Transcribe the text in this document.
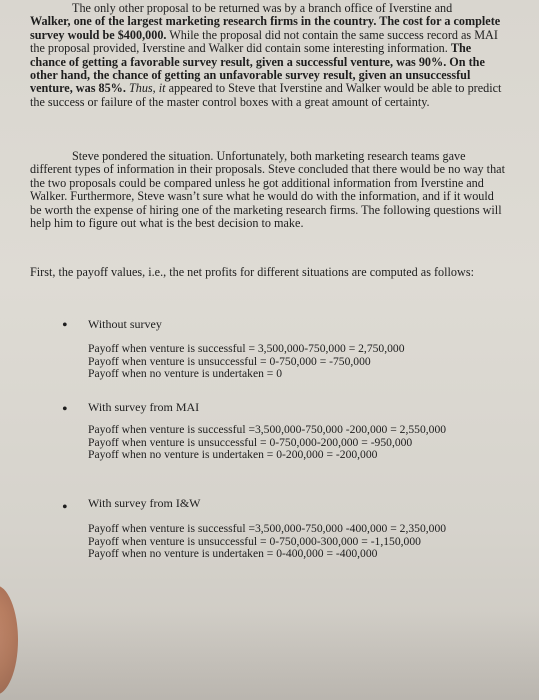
The only other proposal to be returned was by a branch office of Iverstine and

Walker, one of the largest marketing research firms in the country. The cost for a complete survey would be $400,000. While the proposal did not contain the same success record as MAI the proposal provided, Iverstine and Walker did contain some interesting information. The chance of getting a favorable survey result, given a successful venture, was 90%. On the other hand, the chance of getting an unfavorable survey result, given an unsuccessful venture, was 85%. Thus, it appeared to Steve that Iverstine and Walker would be able to predict the success or failure of the master control boxes with a great amount of certainty.

Steve pondered the situation. Unfortunately, both marketing research teams gave different types of information in their proposals. Steve concluded that there would be no way that the two proposals could be compared unless he got additional information from Iverstine and Walker. Furthermore, Steve wasn’t sure what he would do with the information, and if it would be worth the expense of hiring one of the marketing research firms. The following questions will help him to figure out what is the best decision to make.

First, the payoff values, i.e., the net profits for different situations are computed as follows:

• Without survey
Payoff when venture is successful = 3,500,000-750,000 = 2,750,000
Payoff when venture is unsuccessful = 0-750,000 = -750,000
Payoff when no venture is undertaken = 0
• With survey from MAI
Payoff when venture is successful =3,500,000-750,000 -200,000 = 2,550,000
Payoff when venture is unsuccessful = 0-750,000-200,000 = -950,000
Payoff when no venture is undertaken = 0-200,000 = -200,000
• With survey from I&W
Payoff when venture is successful =3,500,000-750,000 -400,000 = 2,350,000
Payoff when venture is unsuccessful = 0-750,000-300,000 = -1,150,000
Payoff when no venture is undertaken = 0-400,000 = -400,000
